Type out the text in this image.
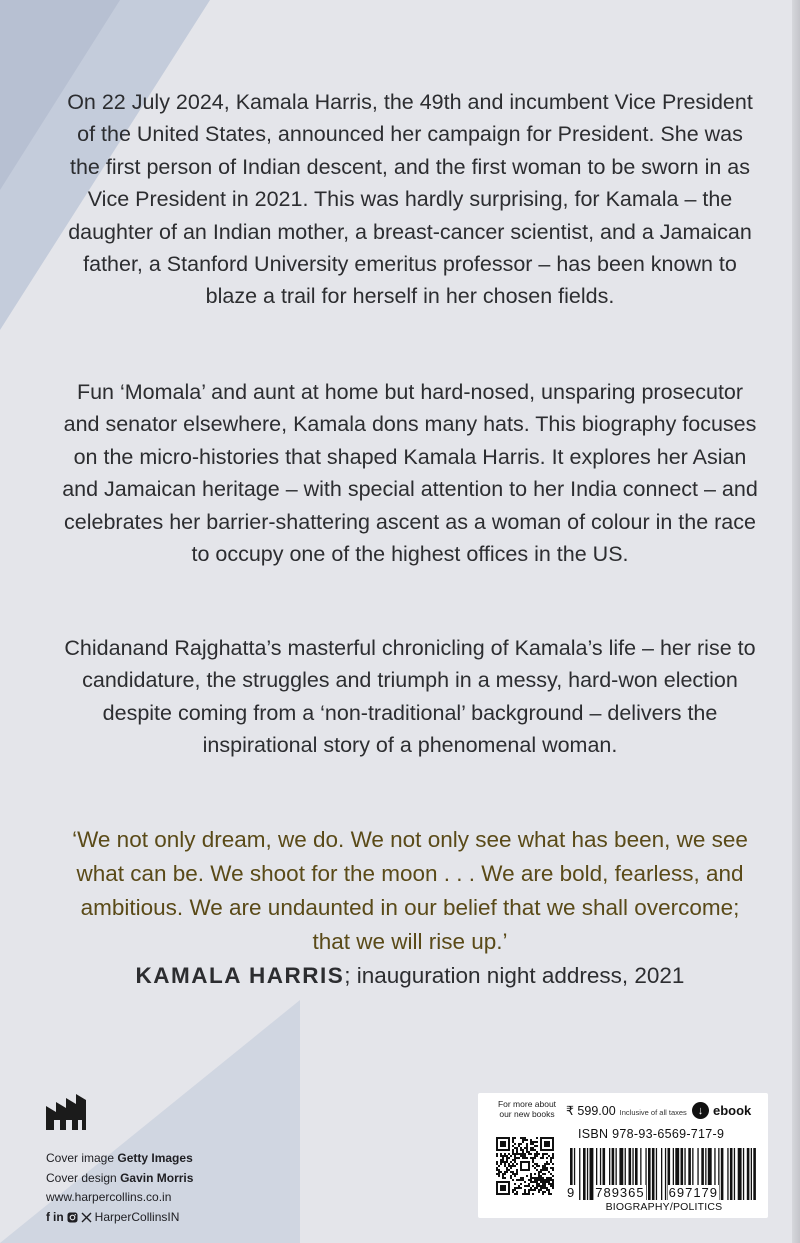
On 22 July 2024, Kamala Harris, the 49th and incumbent Vice President of the United States, announced her campaign for President. She was the first person of Indian descent, and the first woman to be sworn in as Vice President in 2021. This was hardly surprising, for Kamala – the daughter of an Indian mother, a breast-cancer scientist, and a Jamaican father, a Stanford University emeritus professor – has been known to blaze a trail for herself in her chosen fields.
Fun ‘Momala’ and aunt at home but hard-nosed, unsparing prosecutor and senator elsewhere, Kamala dons many hats. This biography focuses on the micro-histories that shaped Kamala Harris. It explores her Asian and Jamaican heritage – with special attention to her India connect – and celebrates her barrier-shattering ascent as a woman of colour in the race to occupy one of the highest offices in the US.
Chidanand Rajghatta’s masterful chronicling of Kamala’s life – her rise to candidature, the struggles and triumph in a messy, hard-won election despite coming from a ‘non-traditional’ background – delivers the inspirational story of a phenomenal woman.
‘We not only dream, we do. We not only see what has been, we see what can be. We shoot for the moon . . . We are bold, fearless, and ambitious. We are undaunted in our belief that we shall overcome; that we will rise up.’
KAMALA HARRIS; inauguration night address, 2021
Cover image Getty Images
Cover design Gavin Morris
www.harpercollins.co.in
f in	HarperCollinsIN
For more about our new books ₹ 599.00 Inclusive of all taxes ↓ ebook
ISBN 978-93-6569-717-9
9 789365 697179
BIOGRAPHY/POLITICS
